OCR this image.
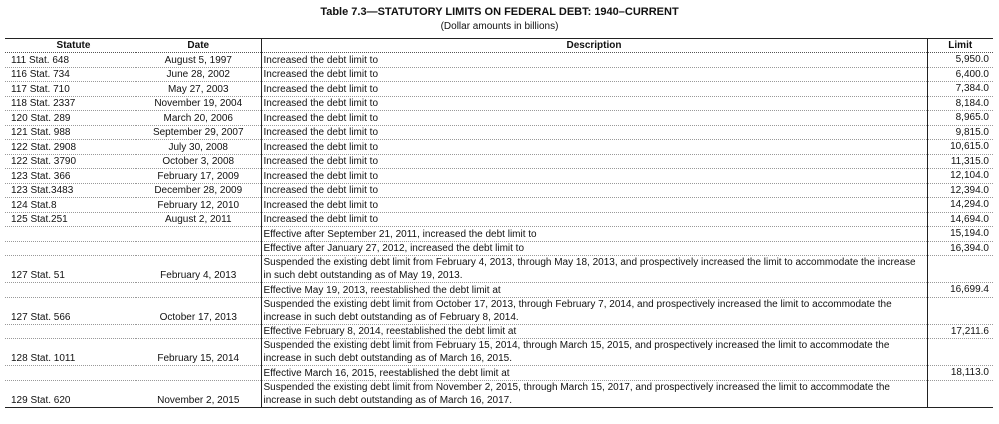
Table 7.3—STATUTORY LIMITS ON FEDERAL DEBT: 1940–CURRENT
(Dollar amounts in billions)
Statute	Date	Description	Limit
111 Stat. 648	August 5, 1997	Increased the debt limit to	5,950.0
116 Stat. 734	June 28, 2002	Increased the debt limit to	6,400.0
117 Stat. 710	May 27, 2003	Increased the debt limit to	7,384.0
118 Stat. 2337	November 19, 2004	Increased the debt limit to	8,184.0
120 Stat. 289	March 20, 2006	Increased the debt limit to	8,965.0
121 Stat. 988	September 29, 2007	Increased the debt limit to	9,815.0
122 Stat. 2908	July 30, 2008	Increased the debt limit to	10,615.0
122 Stat. 3790	October 3, 2008	Increased the debt limit to	11,315.0
123 Stat. 366	February 17, 2009	Increased the debt limit to	12,104.0
123 Stat.3483	December 28, 2009	Increased the debt limit to	12,394.0
124 Stat.8	February 12, 2010	Increased the debt limit to	14,294.0
125 Stat.251	August 2, 2011	Increased the debt limit to	14,694.0
		Effective after September 21, 2011, increased the debt limit to	15,194.0
		Effective after January 27, 2012, increased the debt limit to	16,394.0
127 Stat. 51	February 4, 2013	Suspended the existing debt limit from February 4, 2013, through May 18, 2013, and prospectively increased the limit to accommodate the increase in such debt outstanding as of May 19, 2013.	
		Effective May 19, 2013, reestablished the debt limit at	16,699.4
127 Stat. 566	October 17, 2013	Suspended the existing debt limit from October 17, 2013, through February 7, 2014, and prospectively increased the limit to accommodate the increase in such debt outstanding as of February 8, 2014.	
		Effective February 8, 2014, reestablished the debt limit at	17,211.6
128 Stat. 1011	February 15, 2014	Suspended the existing debt limit from February 15, 2014, through March 15, 2015, and prospectively increased the limit to accommodate the increase in such debt outstanding as of March 16, 2015.	
		Effective March 16, 2015, reestablished the debt limit at	18,113.0
129 Stat. 620	November 2, 2015	Suspended the existing debt limit from November 2, 2015, through March 15, 2017, and prospectively increased the limit to accommodate the increase in such debt outstanding as of March 16, 2017.	
